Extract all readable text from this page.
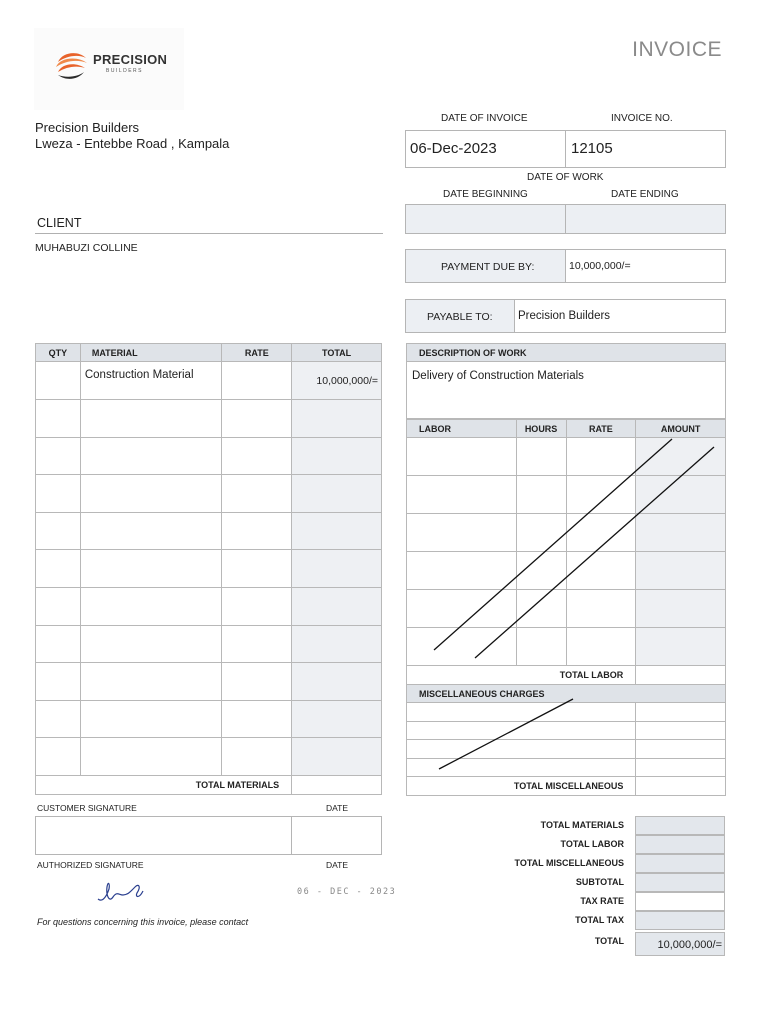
PRECISION
BUILDERS
INVOICE
Precision Builders
Lweza - Entebbe Road , Kampala
DATE OF INVOICE	INVOICE NO.
06-Dec-2023	12105
DATE OF WORK
DATE BEGINNING	DATE ENDING
PAYMENT DUE BY:	10,000,000/=
PAYABLE TO: Precision Builders
CLIENT
MUHABUZI COLLINE
QTY	MATERIAL	RATE	TOTAL
	Construction Material		10,000,000/=

TOTAL MATERIALS			
DESCRIPTION OF WORK
Delivery of Construction Materials
LABOR	HOURS	RATE	AMOUNT

TOTAL LABOR			
MISCELLANEOUS CHARGES	

TOTAL MISCELLANEOUS	
CUSTOMER SIGNATURE	DATE
AUTHORIZED SIGNATURE	DATE
06 - DEC - 2023
For questions concerning this invoice, please contact
TOTAL MATERIALS
TOTAL LABOR
TOTAL MISCELLANEOUS
SUBTOTAL
TAX RATE
TOTAL TAX
TOTAL	10,000,000/=
